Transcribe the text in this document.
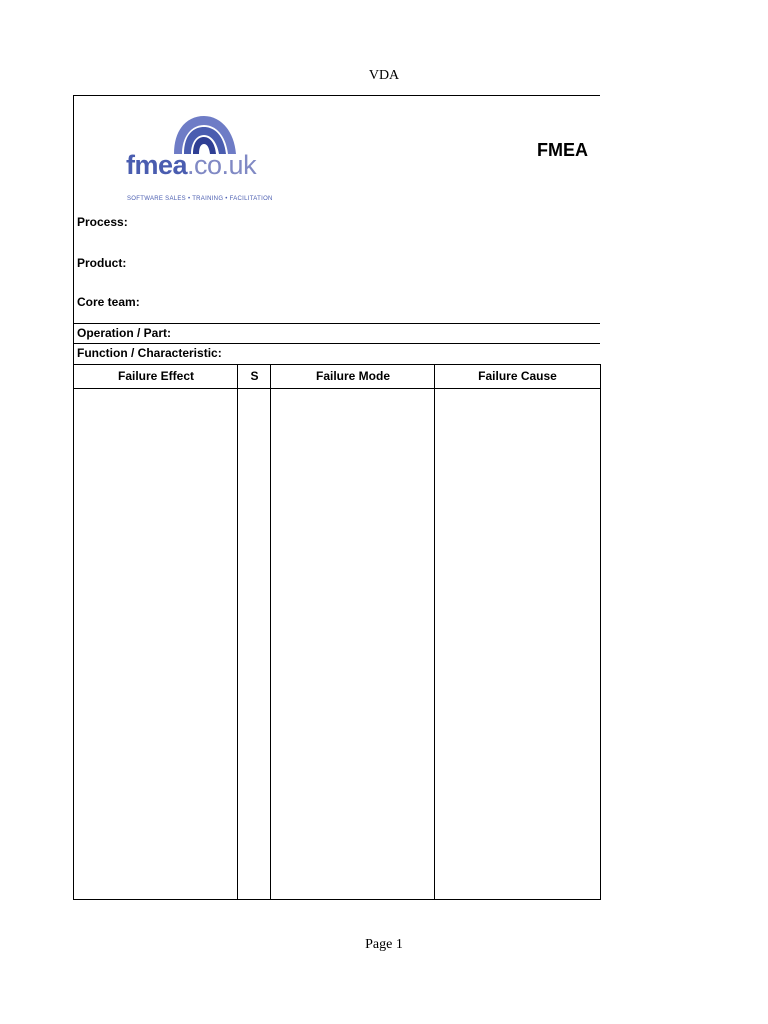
VDA
fmea.co.uk
SOFTWARE SALES • TRAINING • FACILITATION
FMEA
Process:
Product:
Core team:
Operation / Part:
Function / Characteristic:
Failure Effect	S	Failure Mode	Failure Cause
Page 1
